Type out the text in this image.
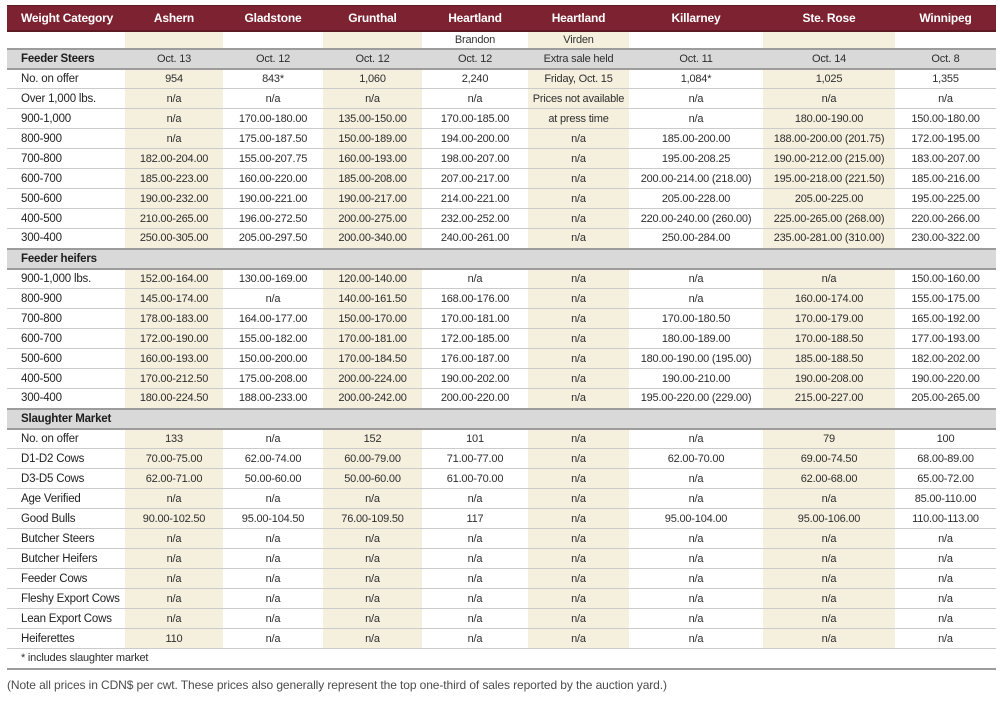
Weight Category	Ashern	Gladstone	Grunthal	Heartland	Heartland	Killarney	Ste. Rose	Winnipeg
				Brandon	Virden			
Feeder Steers	Oct. 13	Oct. 12	Oct. 12	Oct. 12	Extra sale held	Oct. 11	Oct. 14	Oct. 8
No. on offer	954	843*	1,060	2,240	Friday, Oct. 15	1,084*	1,025	1,355
Over 1,000 lbs.	n/a	n/a	n/a	n/a	Prices not available	n/a	n/a	n/a
900-1,000	n/a	170.00-180.00	135.00-150.00	170.00-185.00	at press time	n/a	180.00-190.00	150.00-180.00
800-900	n/a	175.00-187.50	150.00-189.00	194.00-200.00	n/a	185.00-200.00	188.00-200.00 (201.75)	172.00-195.00
700-800	182.00-204.00	155.00-207.75	160.00-193.00	198.00-207.00	n/a	195.00-208.25	190.00-212.00 (215.00)	183.00-207.00
600-700	185.00-223.00	160.00-220.00	185.00-208.00	207.00-217.00	n/a	200.00-214.00 (218.00)	195.00-218.00 (221.50)	185.00-216.00
500-600	190.00-232.00	190.00-221.00	190.00-217.00	214.00-221.00	n/a	205.00-228.00	205.00-225.00	195.00-225.00
400-500	210.00-265.00	196.00-272.50	200.00-275.00	232.00-252.00	n/a	220.00-240.00 (260.00)	225.00-265.00 (268.00)	220.00-266.00
300-400	250.00-305.00	205.00-297.50	200.00-340.00	240.00-261.00	n/a	250.00-284.00	235.00-281.00 (310.00)	230.00-322.00
Feeder heifers								
900-1,000 lbs.	152.00-164.00	130.00-169.00	120.00-140.00	n/a	n/a	n/a	n/a	150.00-160.00
800-900	145.00-174.00	n/a	140.00-161.50	168.00-176.00	n/a	n/a	160.00-174.00	155.00-175.00
700-800	178.00-183.00	164.00-177.00	150.00-170.00	170.00-181.00	n/a	170.00-180.50	170.00-179.00	165.00-192.00
600-700	172.00-190.00	155.00-182.00	170.00-181.00	172.00-185.00	n/a	180.00-189.00	170.00-188.50	177.00-193.00
500-600	160.00-193.00	150.00-200.00	170.00-184.50	176.00-187.00	n/a	180.00-190.00 (195.00)	185.00-188.50	182.00-202.00
400-500	170.00-212.50	175.00-208.00	200.00-224.00	190.00-202.00	n/a	190.00-210.00	190.00-208.00	190.00-220.00
300-400	180.00-224.50	188.00-233.00	200.00-242.00	200.00-220.00	n/a	195.00-220.00 (229.00)	215.00-227.00	205.00-265.00
Slaughter Market								
No. on offer	133	n/a	152	101	n/a	n/a	79	100
D1-D2 Cows	70.00-75.00	62.00-74.00	60.00-79.00	71.00-77.00	n/a	62.00-70.00	69.00-74.50	68.00-89.00
D3-D5 Cows	62.00-71.00	50.00-60.00	50.00-60.00	61.00-70.00	n/a	n/a	62.00-68.00	65.00-72.00
Age Verified	n/a	n/a	n/a	n/a	n/a	n/a	n/a	85.00-110.00
Good Bulls	90.00-102.50	95.00-104.50	76.00-109.50	117	n/a	95.00-104.00	95.00-106.00	110.00-113.00
Butcher Steers	n/a	n/a	n/a	n/a	n/a	n/a	n/a	n/a
Butcher Heifers	n/a	n/a	n/a	n/a	n/a	n/a	n/a	n/a
Feeder Cows	n/a	n/a	n/a	n/a	n/a	n/a	n/a	n/a
Fleshy Export Cows	n/a	n/a	n/a	n/a	n/a	n/a	n/a	n/a
Lean Export Cows	n/a	n/a	n/a	n/a	n/a	n/a	n/a	n/a
Heiferettes	110	n/a	n/a	n/a	n/a	n/a	n/a	n/a
* includes slaughter market								

(Note all prices in CDN$ per cwt. These prices also generally represent the top one-third of sales reported by the auction yard.)
